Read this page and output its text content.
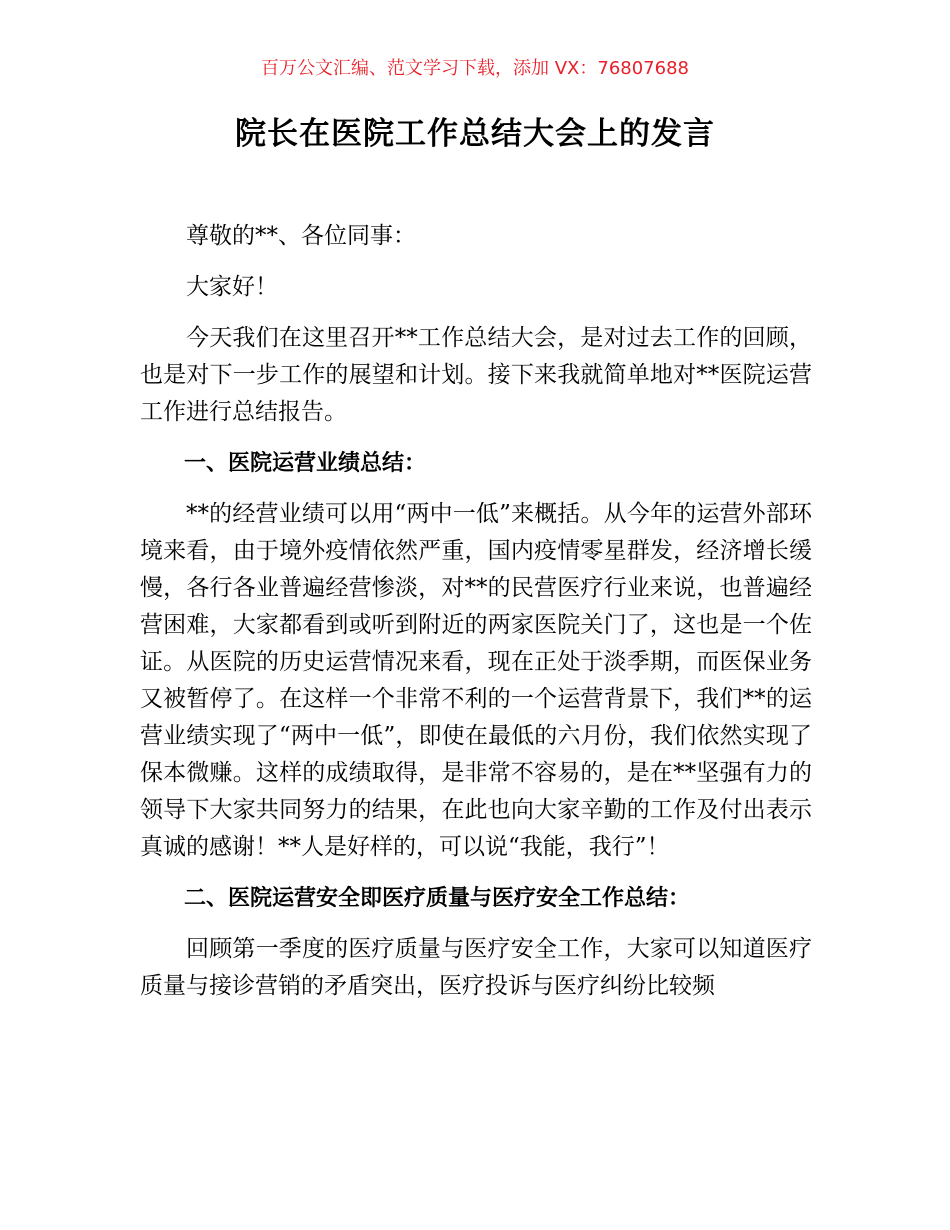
百万公文汇编、范文学习下载，添加 VX：76807688
院长在医院工作总结大会上的发言

尊敬的**、各位同事：

大家好！

今天我们在这里召开**工作总结大会，是对过去工作的回顾，也是对下一步工作的展望和计划。接下来我就简单地对**医院运营工作进行总结报告。

一、医院运营业绩总结：

**的经营业绩可以用“两中一低”来概括。从今年的运营外部环境来看，由于境外疫情依然严重，国内疫情零星群发，经济增长缓慢，各行各业普遍经营惨淡，对**的民营医疗行业来说，也普遍经营困难，大家都看到或听到附近的两家医院关门了，这也是一个佐证。从医院的历史运营情况来看，现在正处于淡季期，而医保业务又被暂停了。在这样一个非常不利的一个运营背景下，我们**的运营业绩实现了“两中一低”，即使在最低的六月份，我们依然实现了保本微赚。这样的成绩取得，是非常不容易的，是在**坚强有力的领导下大家共同努力的结果，在此也向大家辛勤的工作及付出表示真诚的感谢！**人是好样的，可以说“我能，我行”！

二、医院运营安全即医疗质量与医疗安全工作总结：

回顾第一季度的医疗质量与医疗安全工作，大家可以知道医疗质量与接诊营销的矛盾突出，医疗投诉与医疗纠纷比较频
